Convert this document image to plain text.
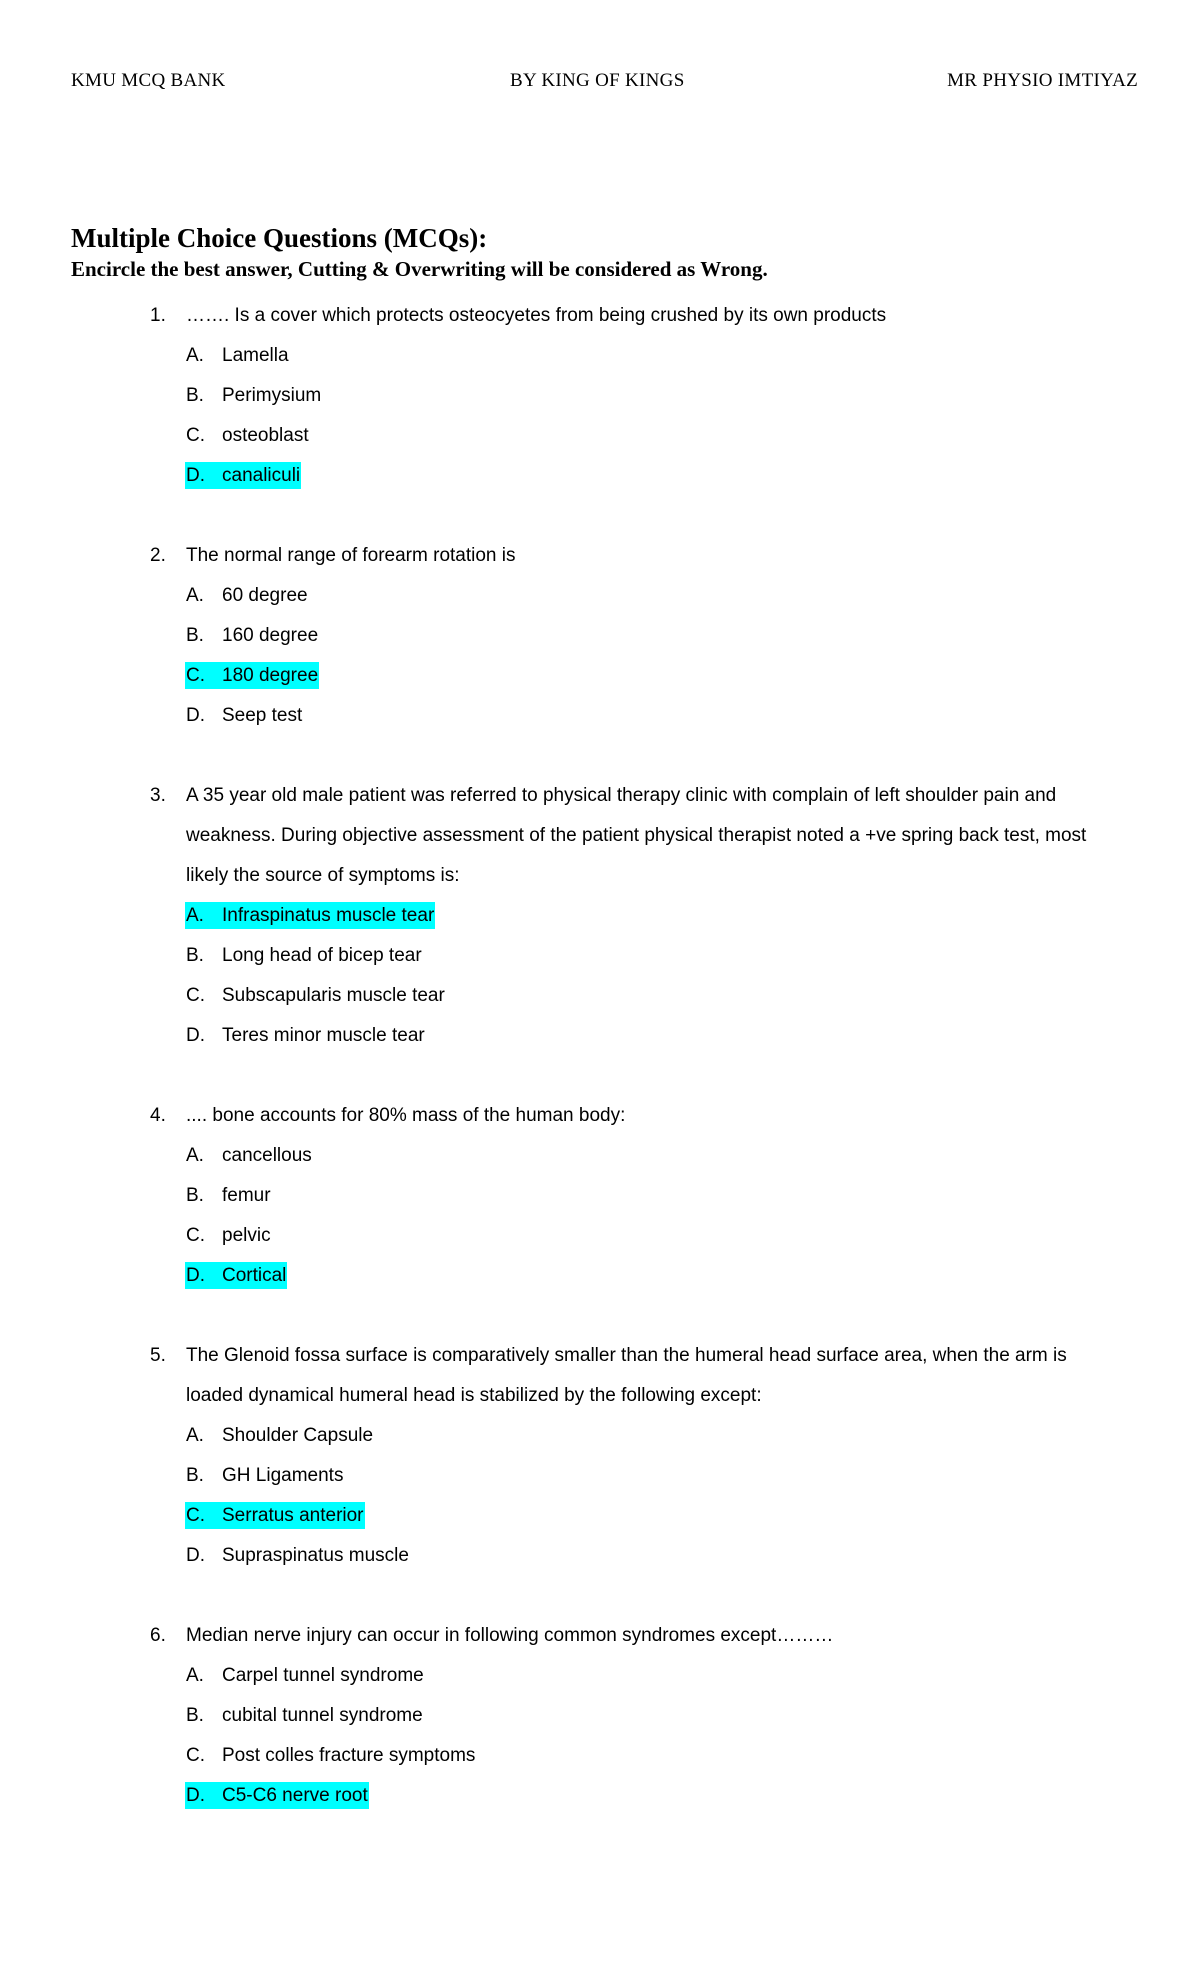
KMU MCQ BANK	BY KING OF KINGS	MR PHYSIO IMTIYAZ
Multiple Choice Questions (MCQs):
Encircle the best answer, Cutting & Overwriting will be considered as Wrong.
1. ……. Is a cover which protects osteocyetes from being crushed by its own products
A. Lamella
B. Perimysium
C. osteoblast
D. canaliculi
2. The normal range of forearm rotation is
A. 60 degree
B. 160 degree
C. 180 degree
D. Seep test
3. A 35 year old male patient was referred to physical therapy clinic with complain of left shoulder pain and weakness. During objective assessment of the patient physical therapist noted a +ve spring back test, most likely the source of symptoms is:
A. Infraspinatus muscle tear
B. Long head of bicep tear
C. Subscapularis muscle tear
D. Teres minor muscle tear
4. .... bone accounts for 80% mass of the human body:
A. cancellous
B. femur
C. pelvic
D. Cortical
5. The Glenoid fossa surface is comparatively smaller than the humeral head surface area, when the arm is loaded dynamical humeral head is stabilized by the following except:
A. Shoulder Capsule
B. GH Ligaments
C. Serratus anterior
D. Supraspinatus muscle
6. Median nerve injury can occur in following common syndromes except………
A. Carpel tunnel syndrome
B. cubital tunnel syndrome
C. Post colles fracture symptoms
D. C5-C6 nerve root
